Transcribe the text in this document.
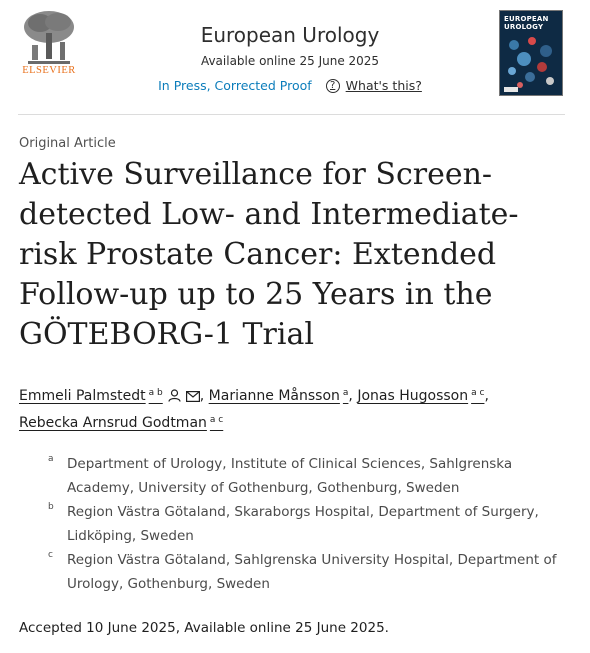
ELSEVIER
European Urology
Available online 25 June 2025
In Press, Corrected Proof	? What's this?
EUROPEAN
UROLOGY
Original Article
Active Surveillance for Screen-detected Low- and Intermediate-risk Prostate Cancer: Extended Follow-up up to 25 Years in the GÖTEBORG-1 Trial
Emmeli Palmstedt $^{a b}$	, Marianne Månsson $^a$, Jonas Hugosson $^{a c}$,
Rebecka Arnsrud Godtman $^{a c}$
a Department of Urology, Institute of Clinical Sciences, Sahlgrenska Academy, University of Gothenburg, Gothenburg, Sweden
b Region Västra Götaland, Skaraborgs Hospital, Department of Surgery, Lidköping, Sweden
c	Region Västra Götaland, Sahlgrenska University Hospital, Department of Urology, Gothenburg, Sweden
Accepted 10 June 2025, Available online 25 June 2025.
